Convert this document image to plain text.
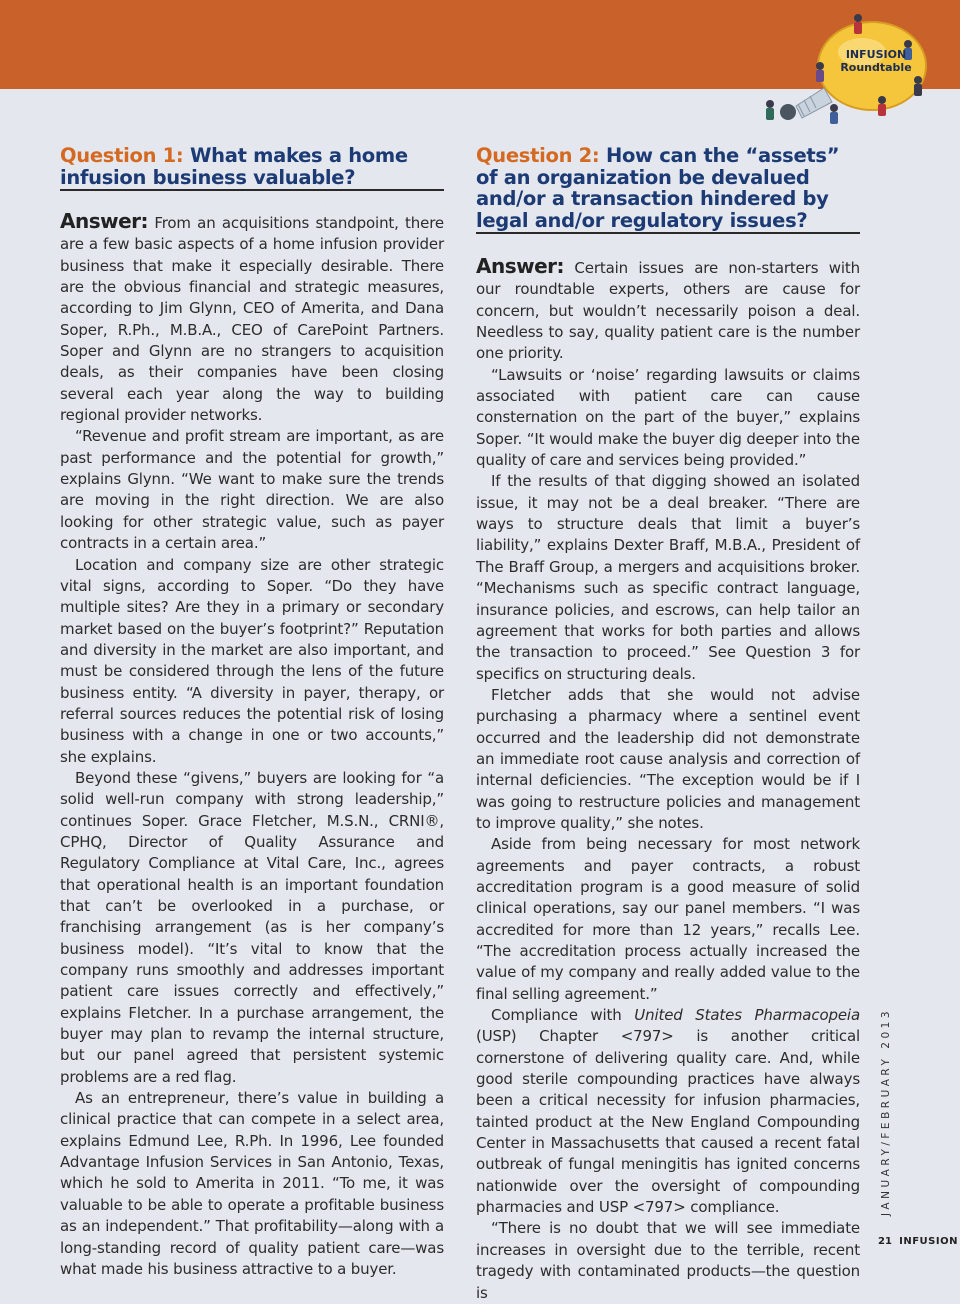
INFUSION
Roundtable
Question 1: What makes a home infusion business valuable?

Answer: From an acquisitions standpoint, there are a few basic aspects of a home infusion provider business that make it especially desirable. There are the obvious financial and strategic measures, according to Jim Glynn, CEO of Amerita, and Dana Soper, R.Ph., M.B.A., CEO of CarePoint Partners. Soper and Glynn are no strangers to acquisition deals, as their companies have been closing several each year along the way to building regional provider networks.

“Revenue and profit stream are important, as are past performance and the potential for growth,” explains Glynn. “We want to make sure the trends are moving in the right direction. We are also looking for other strategic value, such as payer contracts in a certain area.”

Location and company size are other strategic vital signs, according to Soper. “Do they have multiple sites? Are they in a primary or secondary market based on the buyer’s footprint?” Reputation and diversity in the market are also important, and must be considered through the lens of the future business entity. “A diversity in payer, therapy, or referral sources reduces the potential risk of losing business with a change in one or two accounts,” she explains.

Beyond these “givens,” buyers are looking for “a solid well-run company with strong leadership,” continues Soper. Grace Fletcher, M.S.N., CRNI®, CPHQ, Director of Quality Assurance and Regulatory Compliance at Vital Care, Inc., agrees that operational health is an important foundation that can’t be overlooked in a purchase, or franchising arrangement (as is her company’s business model). “It’s vital to know that the company runs smoothly and addresses important patient care issues correctly and effectively,” explains Fletcher. In a purchase arrangement, the buyer may plan to revamp the internal structure, but our panel agreed that persistent systemic problems are a red flag.

As an entrepreneur, there’s value in building a clinical practice that can compete in a select area, explains Edmund Lee, R.Ph. In 1996, Lee founded Advantage Infusion Services in San Antonio, Texas, which he sold to Amerita in 2011. “To me, it was valuable to be able to operate a profitable business as an independent.” That profitability—along with a long-standing record of quality patient care—was what made his business attractive to a buyer.

Question 2: How can the “assets” of an organization be devalued and/or a transaction hindered by legal and/or regulatory issues?

Answer: Certain issues are non-starters with our roundtable experts, others are cause for concern, but wouldn’t necessarily poison a deal. Needless to say, quality patient care is the number one priority.

“Lawsuits or ‘noise’ regarding lawsuits or claims associated with patient care can cause consternation on the part of the buyer,” explains Soper. “It would make the buyer dig deeper into the quality of care and services being provided.”

If the results of that digging showed an isolated issue, it may not be a deal breaker. “There are ways to structure deals that limit a buyer’s liability,” explains Dexter Braff, M.B.A., President of The Braff Group, a mergers and acquisitions broker. “Mechanisms such as specific contract language, insurance policies, and escrows, can help tailor an agreement that works for both parties and allows the transaction to proceed.” See Question 3 for specifics on structuring deals.

Fletcher adds that she would not advise purchasing a pharmacy where a sentinel event occurred and the leadership did not demonstrate an immediate root cause analysis and correction of internal deficiencies. “The exception would be if I was going to restructure policies and management to improve quality,” she notes.

Aside from being necessary for most network agreements and payer contracts, a robust accreditation program is a good measure of solid clinical operations, say our panel members. “I was accredited for more than 12 years,” recalls Lee. “The accreditation process actually increased the value of my company and really added value to the final selling agreement.”

Compliance with United States Pharmacopeia (USP) Chapter <797> is another critical cornerstone of delivering quality care. And, while good sterile compounding practices have always been a critical necessity for infusion pharmacies, tainted product at the New England Compounding Center in Massachusetts that caused a recent fatal outbreak of fungal meningitis has ignited concerns nationwide over the oversight of compounding pharmacies and USP <797> compliance.

“There is no doubt that we will see immediate increases in oversight due to the terrible, recent tragedy with contaminated products—the question is

JANUARY/FEBRUARY 2013
21 INFUSION
